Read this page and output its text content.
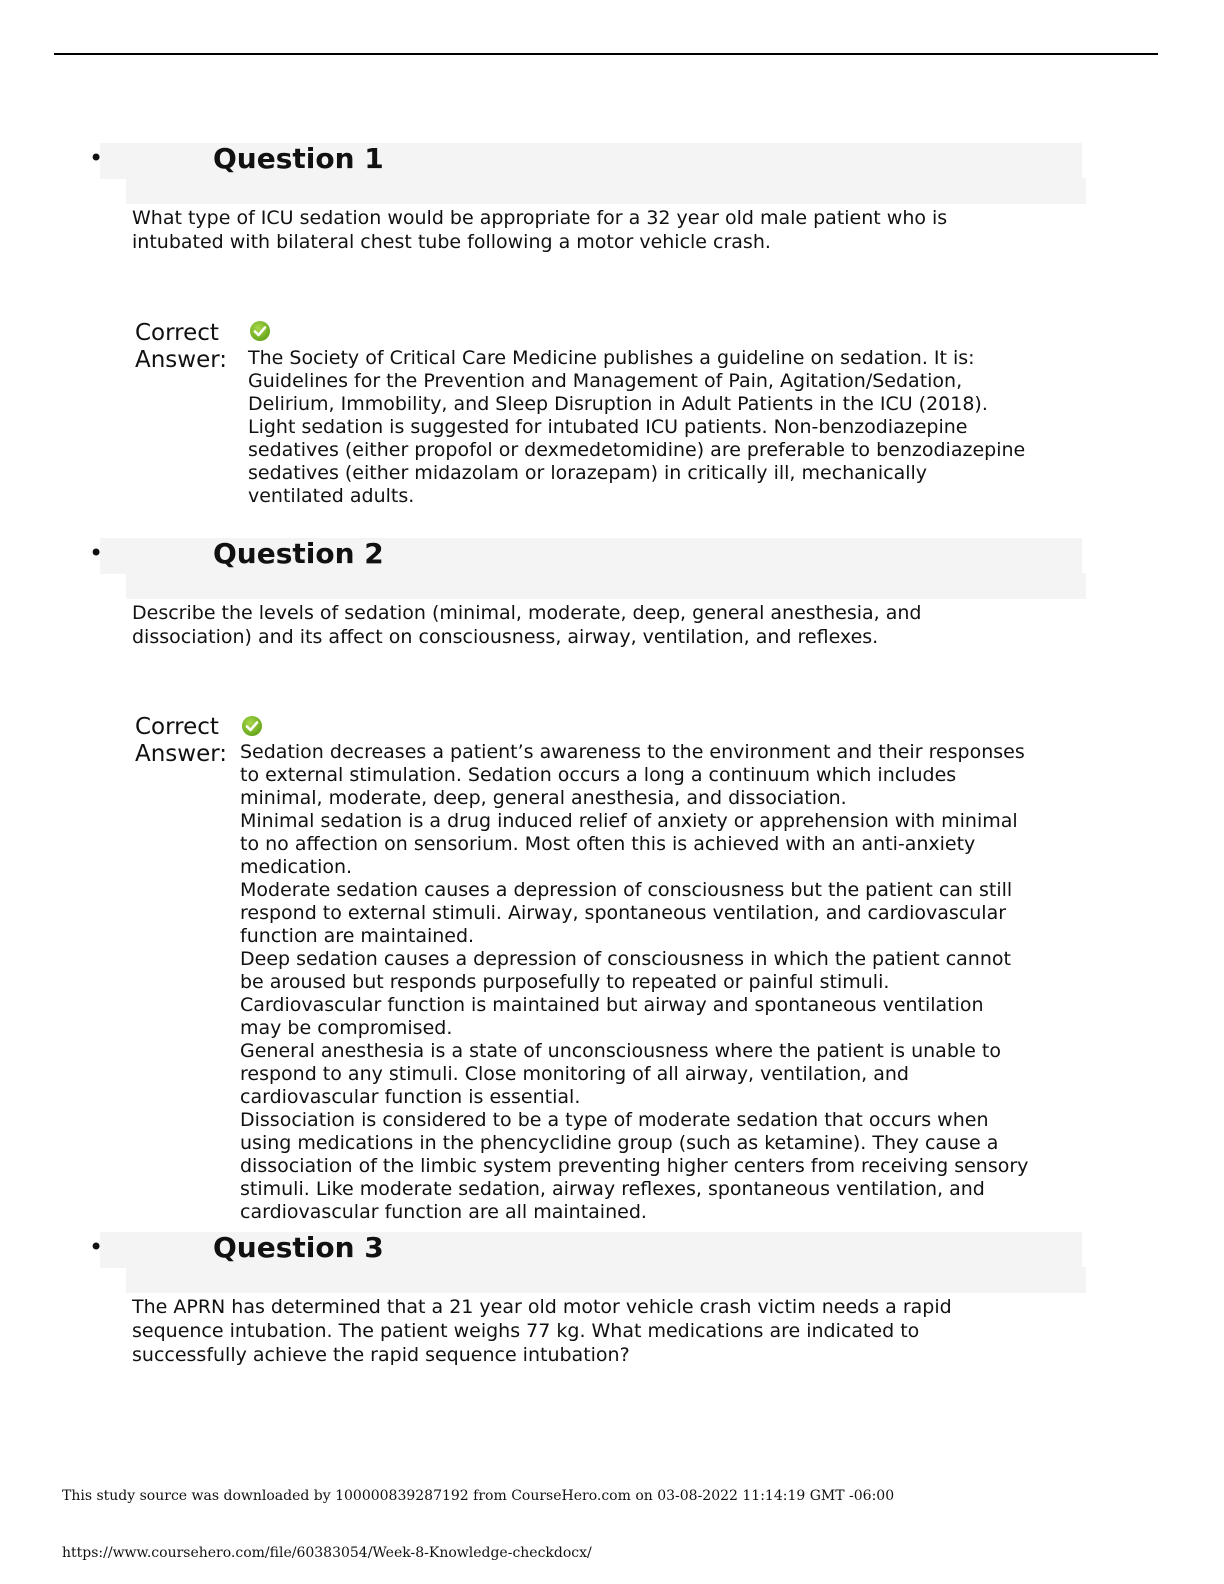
•	Question 1
What type of ICU sedation would be appropriate for a 32 year old male patient who is intubated with bilateral chest tube following a motor vehicle crash.
Correct
Answer: The Society of Critical Care Medicine publishes a guideline on sedation. It is: Guidelines for the Prevention and Management of Pain, Agitation/Sedation, Delirium, Immobility, and Sleep Disruption in Adult Patients in the ICU (2018).
Light sedation is suggested for intubated ICU patients. Non-benzodiazepine sedatives (either propofol or dexmedetomidine) are preferable to benzodiazepine sedatives (either midazolam or lorazepam) in critically ill, mechanically ventilated adults.
•	Question 2
Describe the levels of sedation (minimal, moderate, deep, general anesthesia, and dissociation) and its affect on consciousness, airway, ventilation, and reflexes.
Correct
Answer: Sedation decreases a patient’s awareness to the environment and their responses to external stimulation. Sedation occurs a long a continuum which includes minimal, moderate, deep, general anesthesia, and dissociation.
Minimal sedation is a drug induced relief of anxiety or apprehension with minimal to no affection on sensorium. Most often this is achieved with an anti-anxiety medication.
Moderate sedation causes a depression of consciousness but the patient can still respond to external stimuli. Airway, spontaneous ventilation, and cardiovascular function are maintained.
Deep sedation causes a depression of consciousness in which the patient cannot be aroused but responds purposefully to repeated or painful stimuli. Cardiovascular function is maintained but airway and spontaneous ventilation may be compromised.
General anesthesia is a state of unconsciousness where the patient is unable to respond to any stimuli. Close monitoring of all airway, ventilation, and cardiovascular function is essential.
Dissociation is considered to be a type of moderate sedation that occurs when using medications in the phencyclidine group (such as ketamine). They cause a dissociation of the limbic system preventing higher centers from receiving sensory stimuli. Like moderate sedation, airway reflexes, spontaneous ventilation, and cardiovascular function are all maintained.
•	Question 3
The APRN has determined that a 21 year old motor vehicle crash victim needs a rapid sequence intubation. The patient weighs 77 kg. What medications are indicated to successfully achieve the rapid sequence intubation?
This study source was downloaded by 100000839287192 from CourseHero.com on 03-08-2022 11:14:19 GMT -06:00
https://www.coursehero.com/file/60383054/Week-8-Knowledge-checkdocx/
